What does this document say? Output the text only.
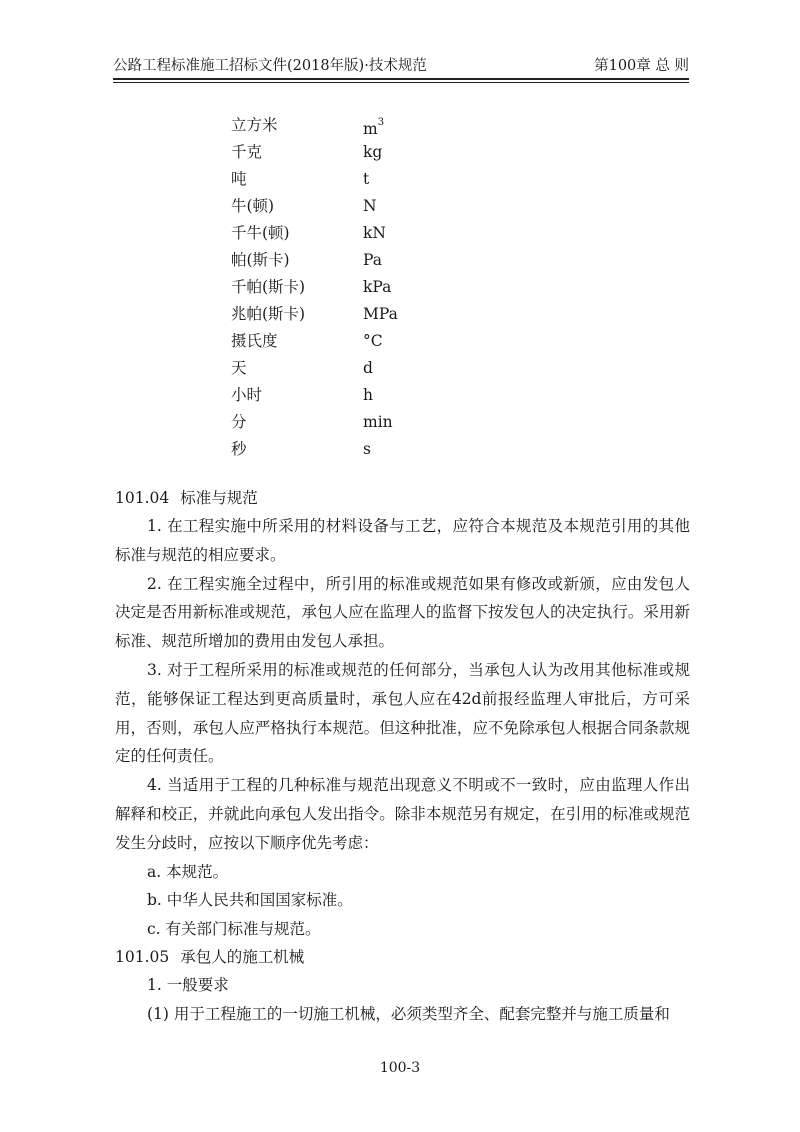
公路工程标准施工招标文件(2018年版)·技术规范	第100章 总 则
立方米	$m^3$
千克	kg
吨	t
牛(顿)	N
千牛(顿)	kN
帕(斯卡)	Pa
千帕(斯卡)	kPa
兆帕(斯卡)	MPa
摄氏度	°C
天	d
小时	h
分	min
秒	s
101.04 标准与规范

1. 在工程实施中所采用的材料设备与工艺，应符合本规范及本规范引用的其他标准与规范的相应要求。

2. 在工程实施全过程中，所引用的标准或规范如果有修改或新颁，应由发包人决定是否用新标准或规范，承包人应在监理人的监督下按发包人的决定执行。采用新标准、规范所增加的费用由发包人承担。

3. 对于工程所采用的标准或规范的任何部分，当承包人认为改用其他标准或规范，能够保证工程达到更高质量时，承包人应在42d前报经监理人审批后，方可采用，否则，承包人应严格执行本规范。但这种批准，应不免除承包人根据合同条款规定的任何责任。

4. 当适用于工程的几种标准与规范出现意义不明或不一致时，应由监理人作出解释和校正，并就此向承包人发出指令。除非本规范另有规定，在引用的标准或规范发生分歧时，应按以下顺序优先考虑：

a. 本规范。

b. 中华人民共和国国家标准。

c. 有关部门标准与规范。

101.05 承包人的施工机械

1. 一般要求

(1) 用于工程施工的一切施工机械，必须类型齐全、配套完整并与施工质量和

100-3
